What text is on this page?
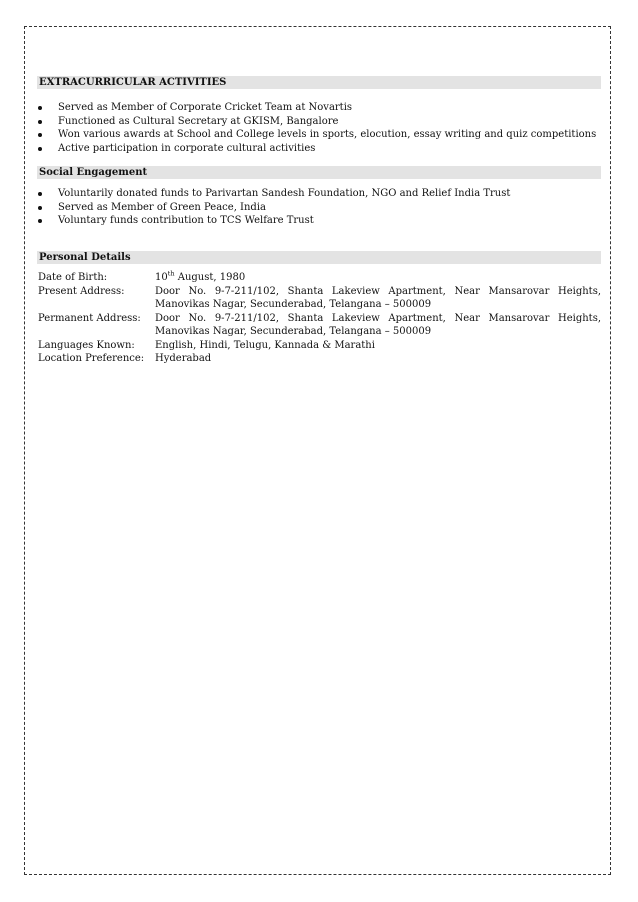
EXTRACURRICULAR ACTIVITIES
Served as Member of Corporate Cricket Team at Novartis
Functioned as Cultural Secretary at GKISM, Bangalore
Won various awards at School and College levels in sports, elocution, essay writing and quiz competitions
Active participation in corporate cultural activities
Social Engagement
Voluntarily donated funds to Parivartan Sandesh Foundation, NGO and Relief India Trust
Served as Member of Green Peace, India
Voluntary funds contribution to TCS Welfare Trust
Personal Details
Date of Birth:	10th August, 1980
Present Address:	Door No. 9-7-211/102, Shanta Lakeview Apartment, Near Mansarovar Heights, Manovikas Nagar, Secunderabad, Telangana – 500009
Permanent Address:	Door No. 9-7-211/102, Shanta Lakeview Apartment, Near Mansarovar Heights, Manovikas Nagar, Secunderabad, Telangana – 500009
Languages Known:	English, Hindi, Telugu, Kannada & Marathi
Location Preference:	Hyderabad
